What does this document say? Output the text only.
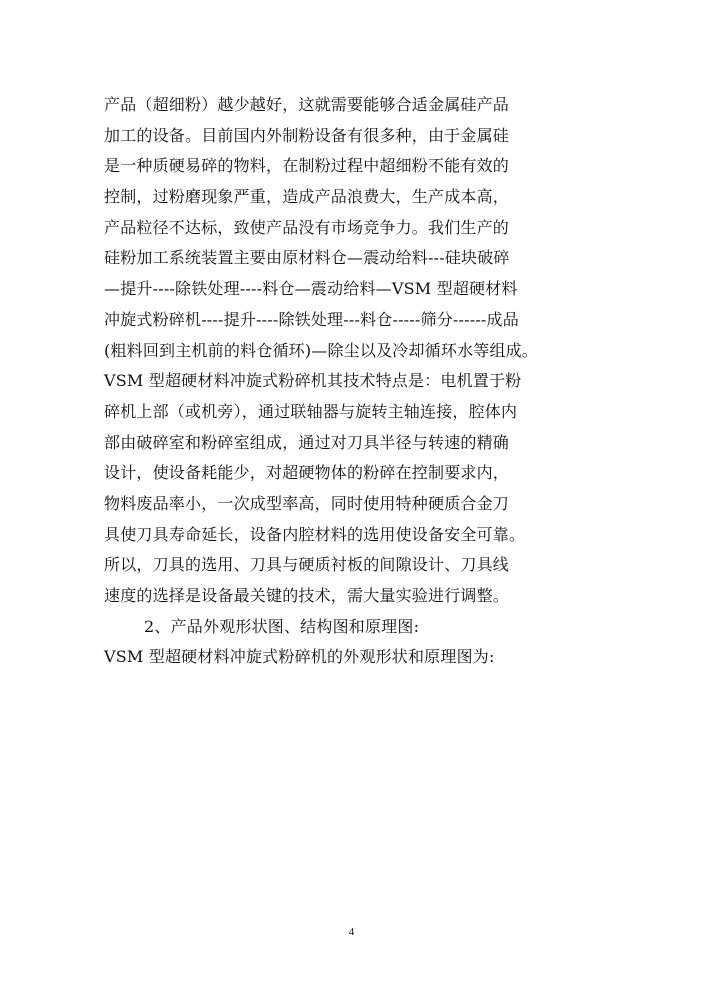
产品（超细粉）越少越好，这就需要能够合适金属硅产品
加工的设备。目前国内外制粉设备有很多种，由于金属硅
是一种质硬易碎的物料，在制粉过程中超细粉不能有效的
控制，过粉磨现象严重，造成产品浪费大，生产成本高，
产品粒径不达标，致使产品没有市场竞争力。我们生产的
硅粉加工系统装置主要由原材料仓—震动给料---硅块破碎
—提升----除铁处理----料仓—震动给料—VSM 型超硬材料
冲旋式粉碎机----提升----除铁处理---料仓-----筛分------成品
(粗料回到主机前的料仓循环)—除尘以及冷却循环水等组成。
VSM 型超硬材料冲旋式粉碎机其技术特点是：电机置于粉
碎机上部（或机旁），通过联轴器与旋转主轴连接，腔体内
部由破碎室和粉碎室组成，通过对刀具半径与转速的精确
设计，使设备耗能少，对超硬物体的粉碎在控制要求内，
物料废品率小，一次成型率高，同时使用特种硬质合金刀
具使刀具寿命延长，设备内腔材料的选用使设备安全可靠。
所以，刀具的选用、刀具与硬质衬板的间隙设计、刀具线
速度的选择是设备最关键的技术，需大量实验进行调整。
2、产品外观形状图、结构图和原理图:
VSM 型超硬材料冲旋式粉碎机的外观形状和原理图为:
4
